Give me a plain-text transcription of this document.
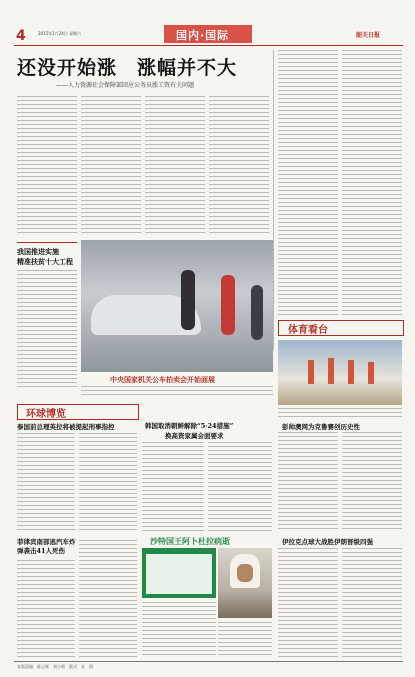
4	2015年1月24日 星期六	国内·国际	韶关日报
还没开始涨　涨幅并不大
——人力资源社会保障部回应公务员涨工资有关问题
我国推进实施
精准扶贫十大工程
中央国家机关公车拍卖会开始面展
体育看台
彭帅澳网为克鲁赛创历史性
伊拉克点球大战胜伊朗晋级四强
环球博览
泰国前总理英拉将被提起刑事指控
菲律宾南部逃汽车炸弹袭击41人死伤
韩国取消朝鲜解除“5·24措施”
换高资家属会面要求
沙特国王阿卜杜拉病逝
本版责编：陈云辉　刘小霞　版式：朱　倩
